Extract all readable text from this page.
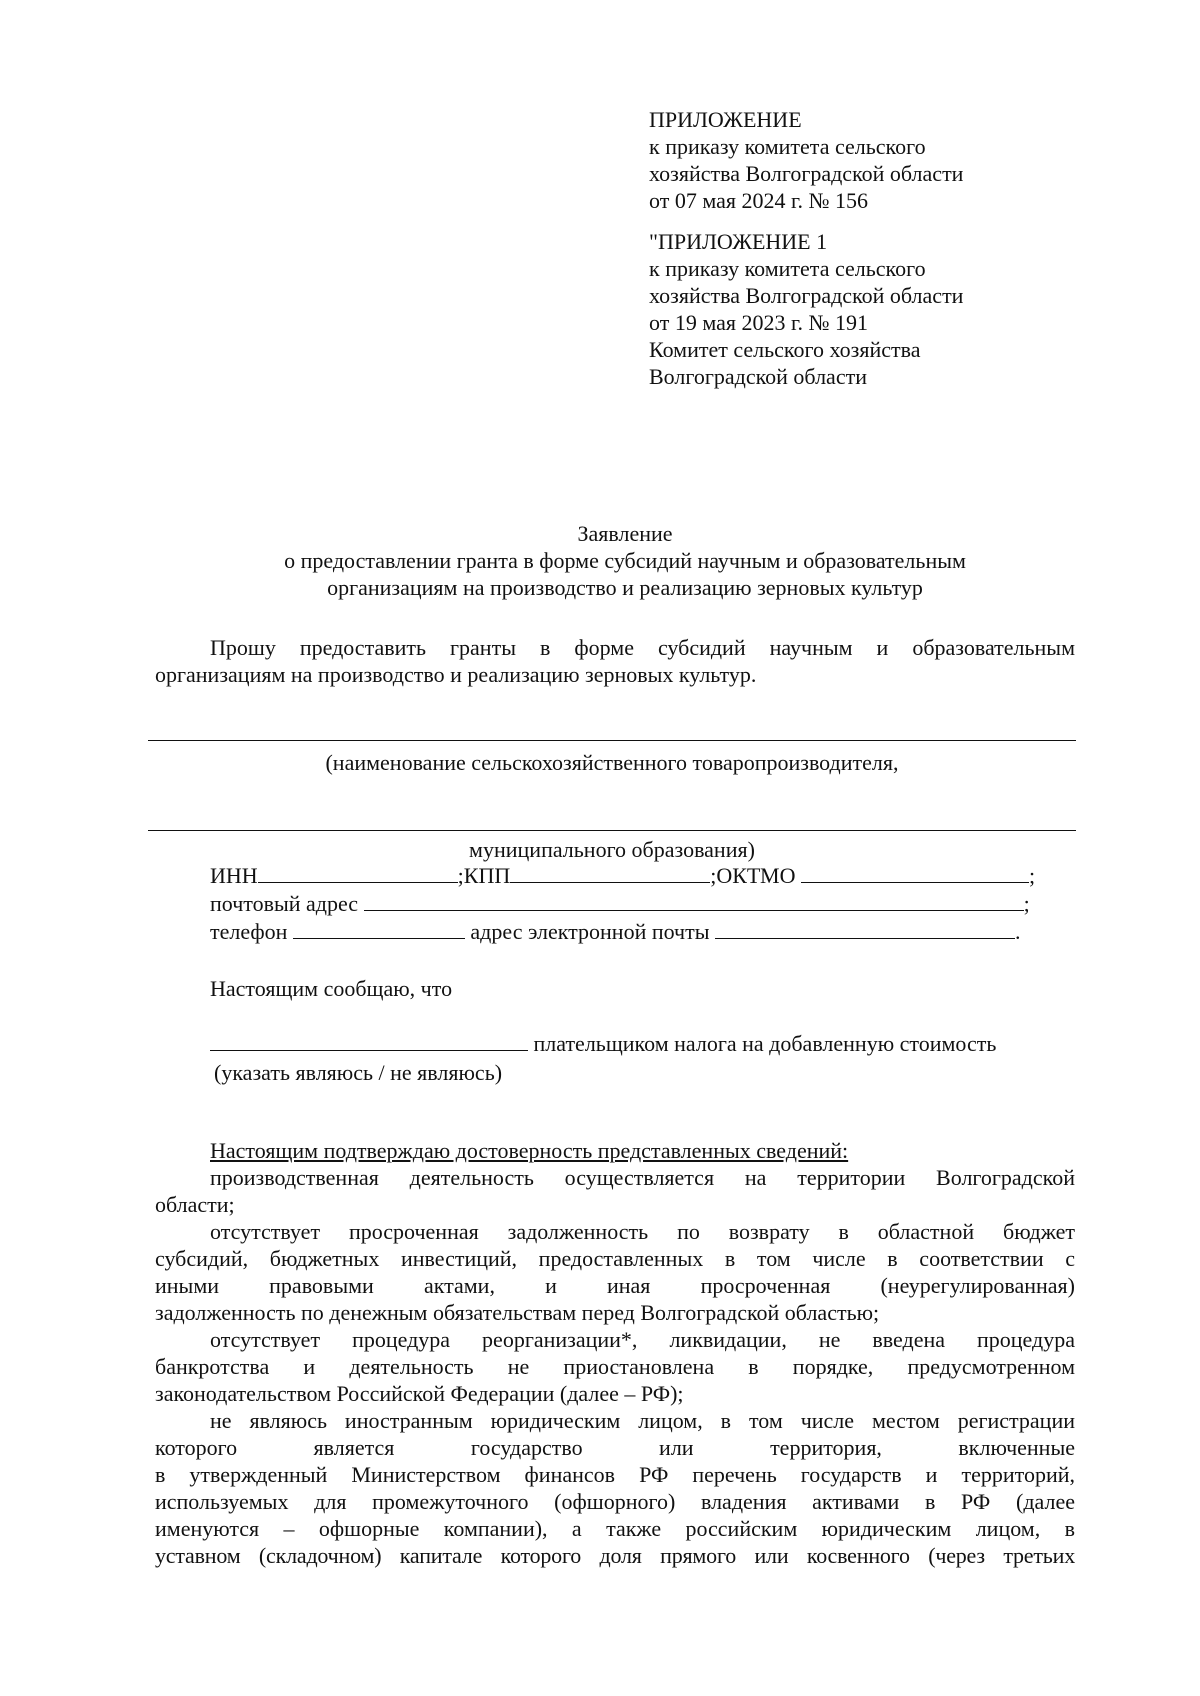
ПРИЛОЖЕНИЕ
к приказу комитета сельского
хозяйства Волгоградской области
от 07 мая 2024 г. № 156
"ПРИЛОЖЕНИЕ 1
к приказу комитета сельского
хозяйства Волгоградской области
от 19 мая 2023 г. № 191
Комитет сельского хозяйства
Волгоградской области
Заявление
о предоставлении гранта в форме субсидий научным и образовательным
организациям на производство и реализацию зерновых культур
Прошу предоставить гранты в форме субсидий научным и образовательным
организациям на производство и реализацию зерновых культур.
(наименование сельскохозяйственного товаропроизводителя,
муниципального образования)
ИНН	;КПП	;ОКТМО	;
почтовый адрес	;
телефон	адрес электронной почты	.
Настоящим сообщаю, что
плательщиком налога на добавленную стоимость
(указать являюсь / не являюсь)
Настоящим подтверждаю достоверность представленных сведений:
производственная деятельность осуществляется на территории Волгоградской
области;
отсутствует просроченная задолженность по возврату в областной бюджет
субсидий, бюджетных инвестиций, предоставленных в том числе в соответствии с
иными правовыми актами, и иная просроченная (неурегулированная)
задолженность по денежным обязательствам перед Волгоградской областью;
отсутствует процедура реорганизации*, ликвидации, не введена процедура
банкротства и деятельность не приостановлена в порядке, предусмотренном
законодательством Российской Федерации (далее – РФ);
не являюсь иностранным юридическим лицом, в том числе местом регистрации
которого является государство или территория, включенные
в утвержденный Министерством финансов РФ перечень государств и территорий,
используемых для промежуточного (офшорного) владения активами в РФ (далее
именуются – офшорные компании), а также российским юридическим лицом, в
уставном (складочном) капитале которого доля прямого или косвенного (через третьих
